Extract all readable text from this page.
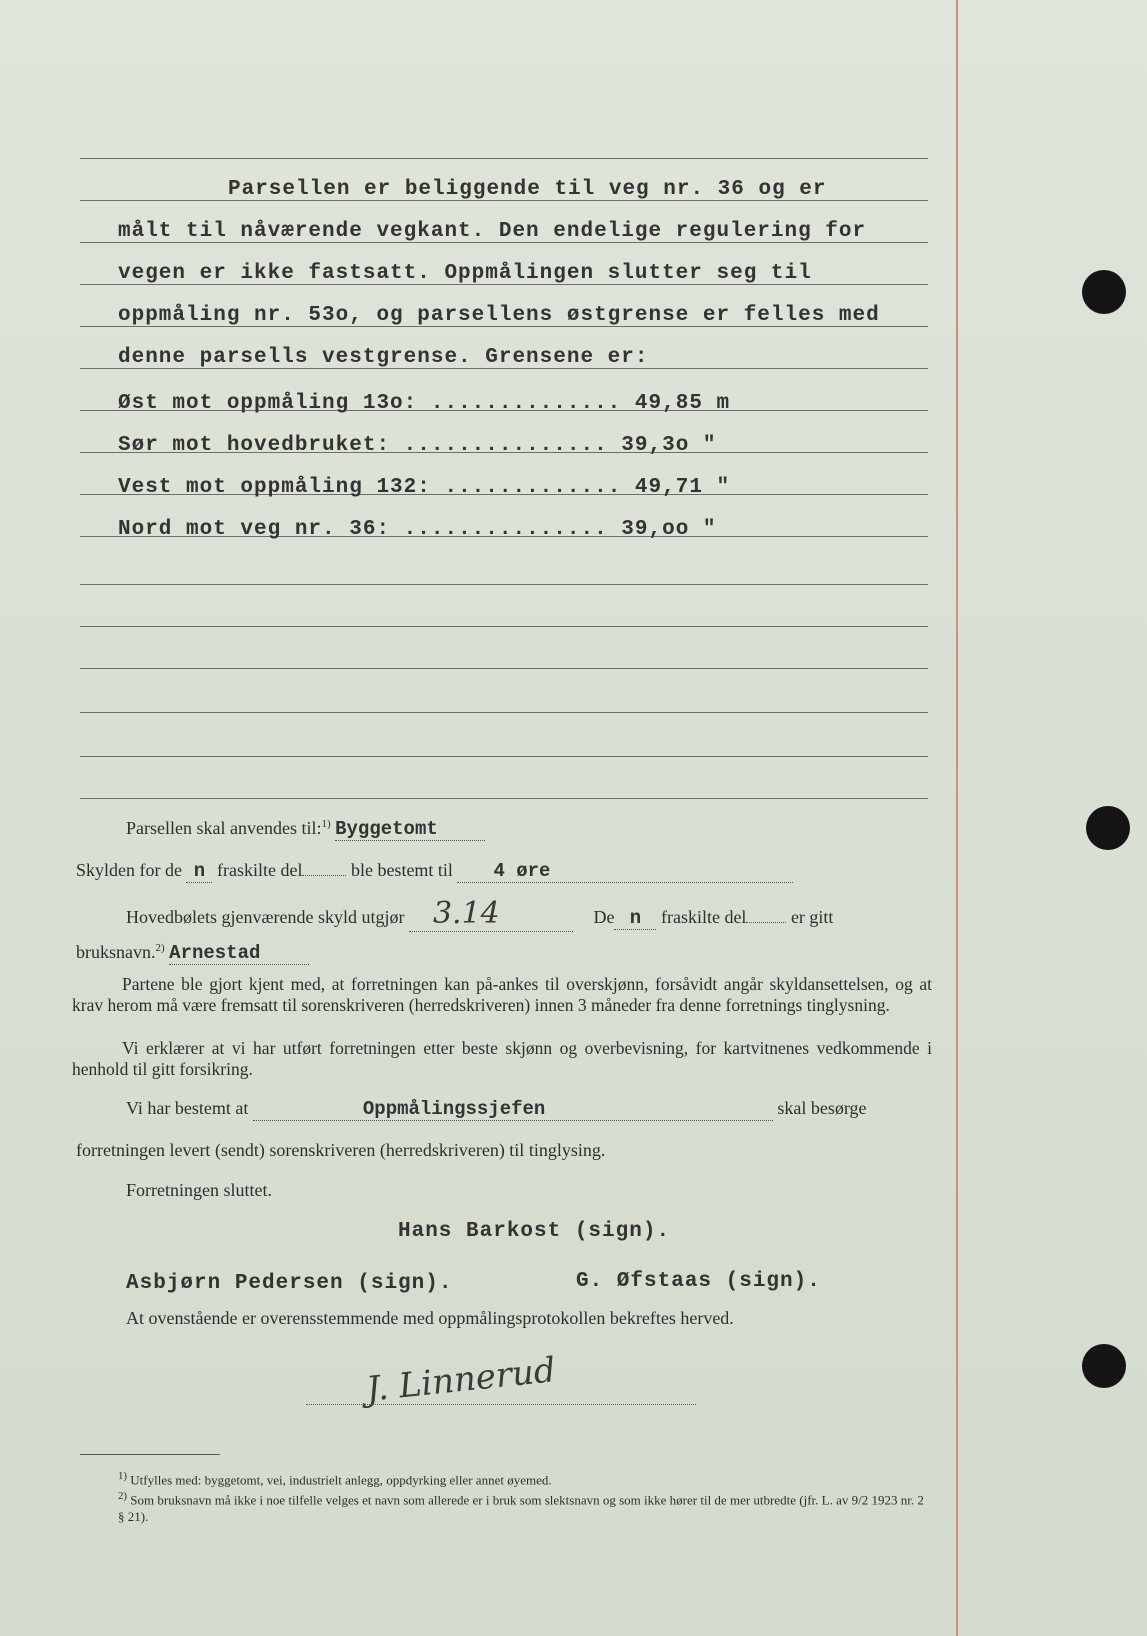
Parsellen er beliggende til veg nr. 36 og er
målt til nåværende vegkant. Den endelige regulering for
vegen er ikke fastsatt. Oppmålingen slutter seg til
oppmåling nr. 53o, og parsellens østgrense er felles med
denne parsells vestgrense. Grensene er:
Øst mot oppmåling 13o: .............. 49,85 m
Sør mot hovedbruket: ............... 39,3o "
Vest mot oppmåling 132: ............. 49,71 "
Nord mot veg nr. 36: ............... 39,oo "
Parsellen skal anvendes til:$^{1)}$ Byggetomt
Skylden for de n fraskilte del	ble bestemt til 4 øre
Hovedbølets gjenværende skyld utgjør 3.14	De n fraskilte del er gitt
bruksnavn.$^{2)}$ Arnestad
Partene ble gjort kjent med, at forretningen kan på-ankes til overskjønn, forsåvidt angår skyldansettelsen, og at krav herom må være fremsatt til sorenskriveren (herredskriveren) innen 3 måneder fra denne forretnings tinglysning.
Vi erklærer at vi har utført forretningen etter beste skjønn og overbevisning, for kartvitnenes vedkommende i henhold til gitt forsikring.
Vi har bestemt at	Oppmålingssjefen	skal besørge
forretningen levert (sendt) sorenskriveren (herredskriveren) til tinglysing.
Forretningen sluttet.
Hans Barkost (sign).
Asbjørn Pedersen (sign).	G. Øfstaas (sign).
At ovenstående er overensstemmende med oppmålingsprotokollen bekreftes herved.
J. Linnerud
$^{1)}$ Utfylles med: byggetomt, vei, industrielt anlegg, oppdyrking eller annet øyemed.
$^{2)}$ Som bruksnavn må ikke i noe tilfelle velges et navn som allerede er i bruk som slektsnavn og som ikke hører til de mer utbredte (jfr. L. av 9/2 1923 nr. 2 § 21).
